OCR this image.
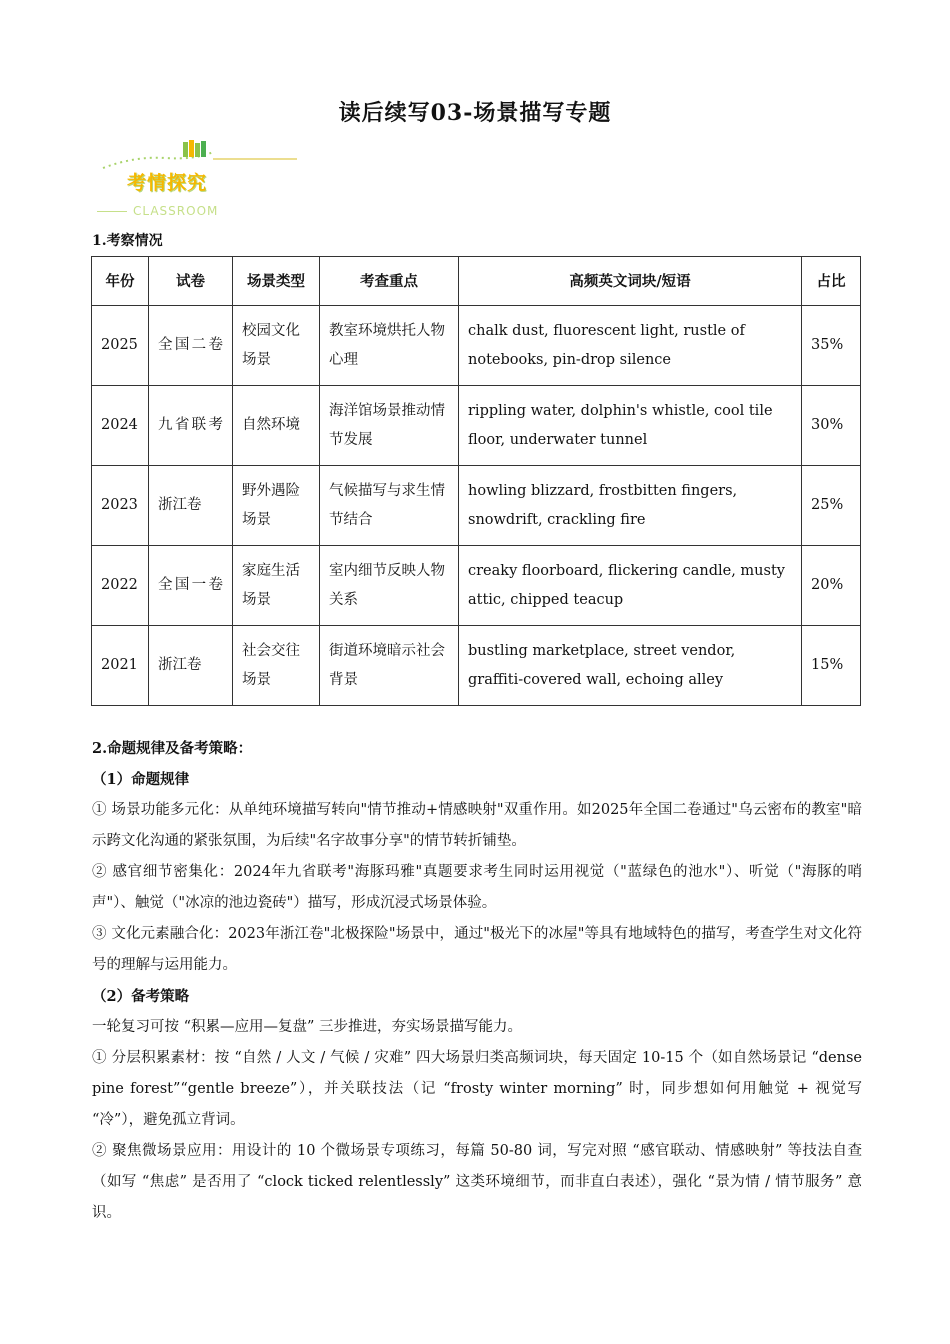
读后续写03-场景描写专题
考情探究
CLASSROOM
1.考察情况
年份	试卷	场景类型	考查重点	高频英文词块/短语	占比
2025	全国二卷	校园文化场景	教室环境烘托人物心理	chalk dust, fluorescent light, rustle of notebooks, pin-drop silence	35%
2024	九省联考	自然环境	海洋馆场景推动情节发展	rippling water, dolphin's whistle, cool tile floor, underwater tunnel	30%
2023	浙江卷	野外遇险场景	气候描写与求生情节结合	howling blizzard, frostbitten fingers, snowdrift, crackling fire	25%
2022	全国一卷	家庭生活场景	室内细节反映人物关系	creaky floorboard, flickering candle, musty attic, chipped teacup	20%
2021	浙江卷	社会交往场景	街道环境暗示社会背景	bustling marketplace, street vendor, graffiti-covered wall, echoing alley	15%

2.命题规律及备考策略：

（1）命题规律

① 场景功能多元化：从单纯环境描写转向"情节推动+情感映射"双重作用。如2025年全国二卷通过"乌云密布的教室"暗示跨文化沟通的紧张氛围，为后续"名字故事分享"的情节转折铺垫。

② 感官细节密集化：2024年九省联考"海豚玛雅"真题要求考生同时运用视觉（"蓝绿色的池水"）、听觉（"海豚的哨声"）、触觉（"冰凉的池边瓷砖"）描写，形成沉浸式场景体验。

③ 文化元素融合化：2023年浙江卷"北极探险"场景中，通过"极光下的冰屋"等具有地域特色的描写，考查学生对文化符号的理解与运用能力。

（2）备考策略

一轮复习可按 “积累—应用—复盘” 三步推进，夯实场景描写能力。

① 分层积累素材：按 “自然 / 人文 / 气候 / 灾难” 四大场景归类高频词块，每天固定 10-15 个（如自然场景记 “dense pine forest”“gentle breeze”），并关联技法（记 “frosty winter morning” 时，同步想如何用触觉 + 视觉写 “冷”），避免孤立背词。

② 聚焦微场景应用：用设计的 10 个微场景专项练习，每篇 50-80 词，写完对照 “感官联动、情感映射” 等技法自查（如写 “焦虑” 是否用了 “clock ticked relentlessly” 这类环境细节，而非直白表述），强化 “景为情 / 情节服务” 意识。
